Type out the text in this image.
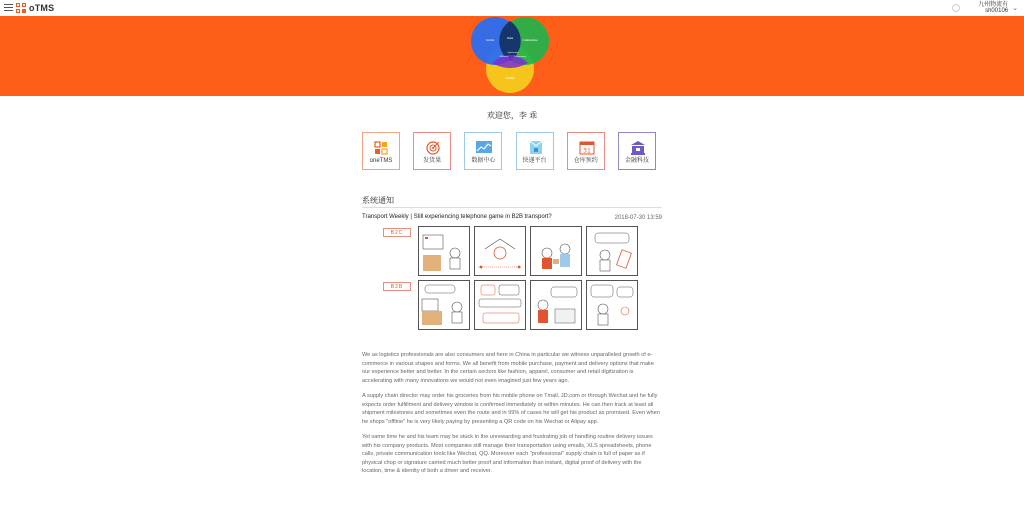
oTMS	九州物流有
sh00106 ⌄
Data
Control	Collaborative
Visibility
Optimization
Efficiency	Transparency
欢迎您，李 乖
oneTMS	发货果	数据中心	快递平台
31
仓库预约	金融科技
系统通知
Transport Weekly | Still experiencing telephone game in B2B transport?	2018-07-30 13:59
B2C
B2B

We as logistics professionals are also consumers and here in China in particular we witness unparalleled growth of e-commerce in various shapes and forms. We all benefit from mobile purchase, payment and delivery options that make our experience better and better. In the certain sectors like fashion, apparel, consumer and retail digitization is accelerating with many innovations we would not even imagined just few years ago.

A supply chain director may order his groceries from his mobile phone on Tmall, JD.com or through Wechat and he fully expects order fulfillment and delivery window is confirmed immediately or within minutes. He can then track at least all shipment milestones and sometimes even the route and in 99% of cases he will get his product as promised. Even when he shops "offline" he is very likely paying by presenting a QR code on his Wechat or Alipay app.

Yet same time he and his team may be stuck in the unrewarding and frustrating job of handling routine delivery issues with his company products. Most companies still manage their transportation using emails, XLS spreadsheets, phone calls, private communication tools like Wechat, QQ. Moreover each "professional" supply chain is full of paper as if physical chop or signature carried much better proof and information than instant, digital proof of delivery with the location, time & identity of both a driver and receiver.
